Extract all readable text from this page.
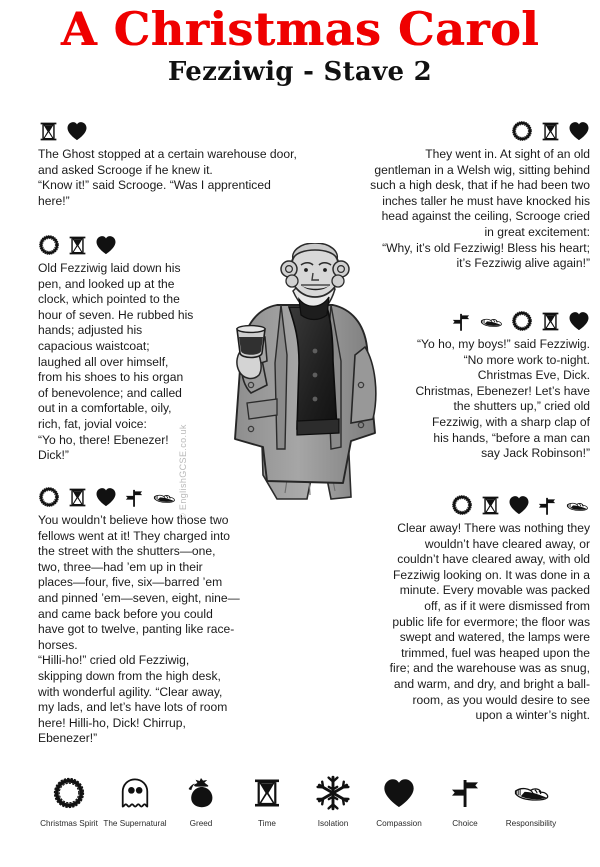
A Christmas Carol
Fezziwig - Stave 2
© EnglishGCSE.co.uk

The Ghost stopped at a certain warehouse door,

and asked Scrooge if he knew it.

“Know it!” said Scrooge. “Was I apprenticed

here!”

They went in. At sight of an old

gentleman in a Welsh wig, sitting behind

such a high desk, that if he had been two

inches taller he must have knocked his

head against the ceiling, Scrooge cried

in great excitement:

“Why, it’s old Fezziwig! Bless his heart;

it’s Fezziwig alive again!”

Old Fezziwig laid down his

pen, and looked up at the

clock, which pointed to the

hour of seven. He rubbed his

hands; adjusted his

capacious waistcoat;

laughed all over himself,

from his shoes to his organ

of benevolence; and called

out in a comfortable, oily,

rich, fat, jovial voice:

“Yo ho, there! Ebenezer!

Dick!”

“Yo ho, my boys!” said Fezziwig.

“No more work to-night.

Christmas Eve, Dick.

Christmas, Ebenezer! Let’s have

the shutters up,” cried old

Fezziwig, with a sharp clap of

his hands, “before a man can

say Jack Robinson!”

You wouldn’t believe how those two

fellows went at it! They charged into

the street with the shutters—one,

two, three—had ’em up in their

places—four, five, six—barred ’em

and pinned ’em—seven, eight, nine—

and came back before you could

have got to twelve, panting like race-

horses.

“Hilli-ho!” cried old Fezziwig,

skipping down from the high desk,

with wonderful agility. “Clear away,

my lads, and let’s have lots of room

here! Hilli-ho, Dick! Chirrup,

Ebenezer!”

Clear away! There was nothing they

wouldn’t have cleared away, or

couldn’t have cleared away, with old

Fezziwig looking on. It was done in a

minute. Every movable was packed

off, as if it were dismissed from

public life for evermore; the floor was

swept and watered, the lamps were

trimmed, fuel was heaped upon the

fire; and the warehouse was as snug,

and warm, and dry, and bright a ball-

room, as you would desire to see

upon a winter’s night.

Christmas Spirit The Supernatural	Greed	Time	Isolation	Compassion	Choice	Responsibility
